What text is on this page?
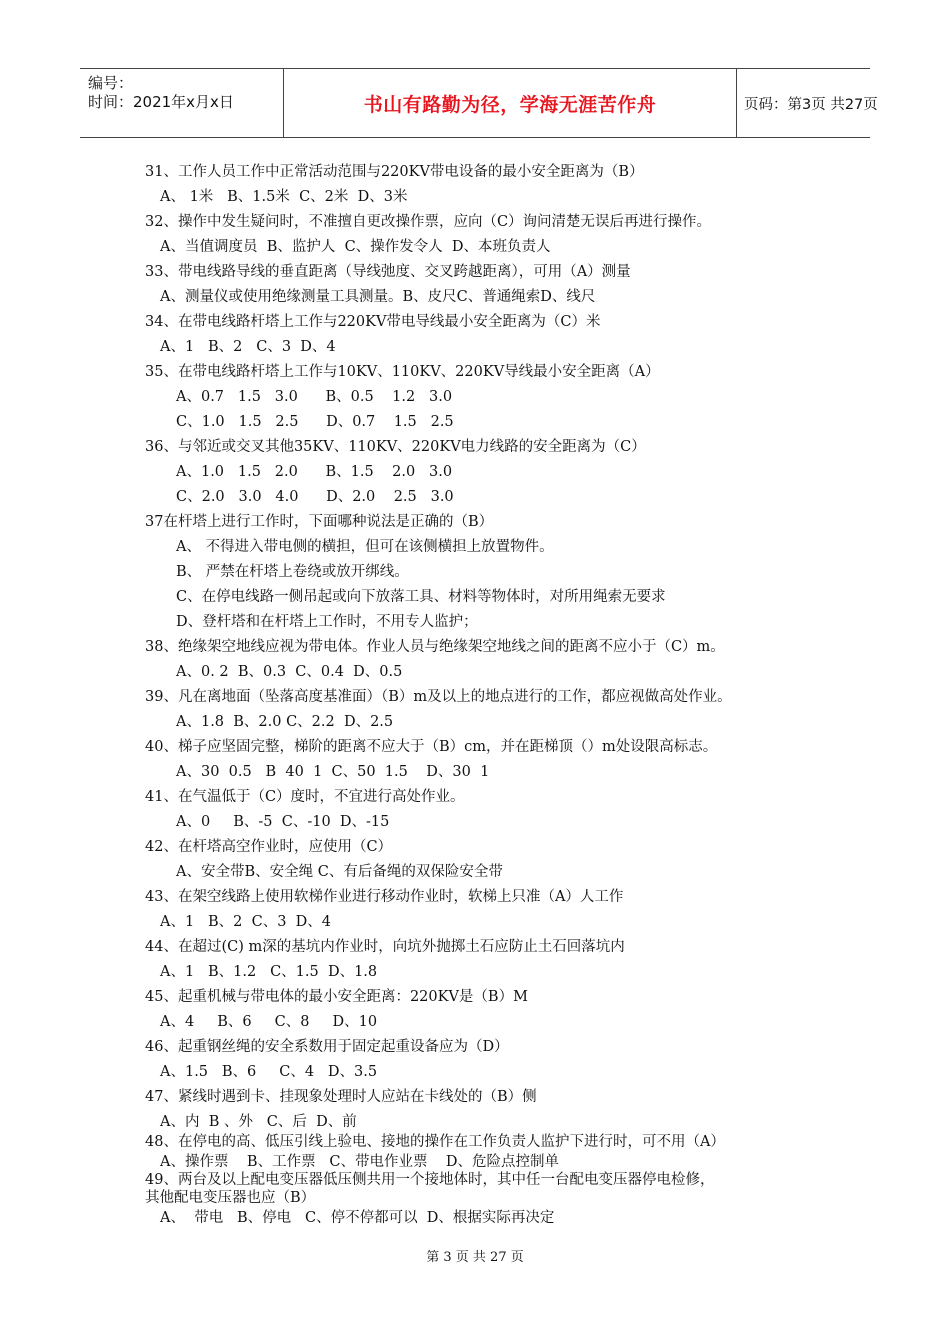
编号：
时间：2021年x月x日	书山有路勤为径，学海无涯苦作舟	页码：第3页 共27页
31、工作人员工作中正常活动范围与220KV带电设备的最小安全距离为（B）
A、 1米   B、1.5米  C、2米  D、3米
32、操作中发生疑问时，不准擅自更改操作票，应向（C）询问清楚无误后再进行操作。
A、当值调度员  B、监护人  C、操作发令人  D、本班负责人
33、带电线路导线的垂直距离（导线弛度、交叉跨越距离），可用（A）测量
A、测量仪或使用绝缘测量工具测量。B、皮尺C、普通绳索D、线尺
34、在带电线路杆塔上工作与220KV带电导线最小安全距离为（C）米
A、1   B、2   C、3  D、4
35、在带电线路杆塔上工作与10KV、110KV、220KV导线最小安全距离（A）
A、0.7   1.5   3.0      B、0.5    1.2   3.0
C、1.0   1.5   2.5      D、0.7    1.5   2.5
36、与邻近或交叉其他35KV、110KV、220KV电力线路的安全距离为（C）
A、1.0   1.5   2.0      B、1.5    2.0   3.0
C、2.0   3.0   4.0      D、2.0    2.5   3.0
37在杆塔上进行工作时，下面哪种说法是正确的（B）
A、 不得进入带电侧的横担，但可在该侧横担上放置物件。
B、 严禁在杆塔上卷绕或放开绑线。
C、在停电线路一侧吊起或向下放落工具、材料等物体时，对所用绳索无要求
D、登杆塔和在杆塔上工作时，不用专人监护；
38、绝缘架空地线应视为带电体。作业人员与绝缘架空地线之间的距离不应小于（C）m。
A、0. 2  B、0.3  C、0.4  D、0.5
39、凡在离地面（坠落高度基准面）（B）m及以上的地点进行的工作，都应视做高处作业。
A、1.8  B、2.0 C、2.2  D、2.5
40、梯子应坚固完整，梯阶的距离不应大于（B）cm，并在距梯顶（）m处设限高标志。
A、30  0.5   B  40  1  C、50  1.5    D、30  1
41、在气温低于（C）度时，不宜进行高处作业。
A、0     B、-5  C、-10  D、-15
42、在杆塔高空作业时，应使用（C）
A、安全带B、安全绳 C、有后备绳的双保险安全带
43、在架空线路上使用软梯作业进行移动作业时，软梯上只准（A）人工作
A、1   B、2  C、3  D、4
44、在超过(C) m深的基坑内作业时，向坑外抛掷土石应防止土石回落坑内
A、1   B、1.2   C、1.5  D、1.8
45、起重机械与带电体的最小安全距离：220KV是（B）M
A、4     B、6     C、8     D、10
46、起重钢丝绳的安全系数用于固定起重设备应为（D）
A、1.5   B、6     C、4   D、3.5
47、紧线时遇到卡、挂现象处理时人应站在卡线处的（B）侧
A、内  B 、外   C、后  D、前
48、在停电的高、低压引线上验电、接地的操作在工作负责人监护下进行时，可不用（A）
A、操作票    B、工作票   C、带电作业票    D、危险点控制单
49、两台及以上配电变压器低压侧共用一个接地体时，其中任一台配电变压器停电检修，
其他配电变压器也应（B）
A、  带电   B、停电   C、停不停都可以  D、根据实际再决定
第 3 页 共 27 页
